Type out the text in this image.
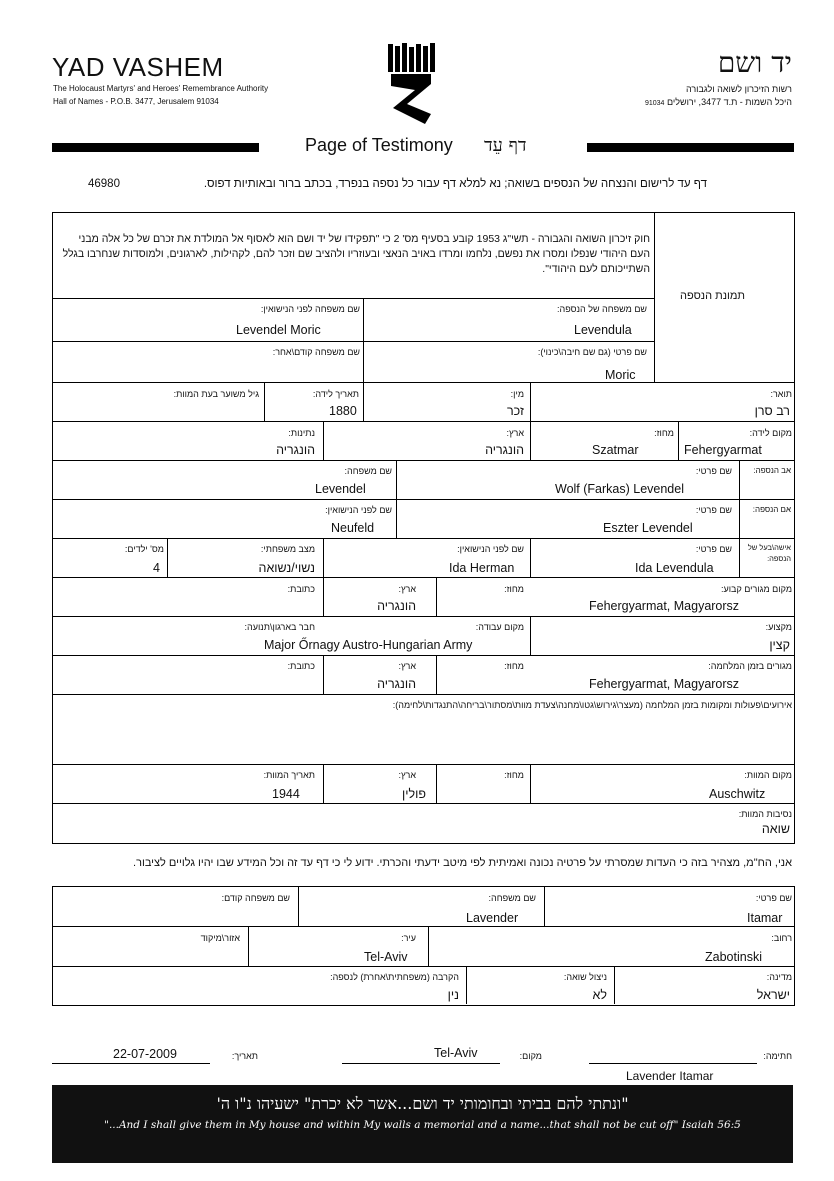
YAD VASHEM
The Holocaust Martyrs' and Heroes' Remembrance Authority
Hall of Names - P.O.B. 3477, Jerusalem 91034
יד ושם
רשות הזיכרון לשואה ולגבורה
היכל השמות - ת.ד 3477, ירושלים 91034
Page of Testimony דף עֵד
דף עד לרישום והנצחה של הנספים בשואה; נא למלא דף עבור כל נספה בנפרד, בכתב ברור ובאותיות דפוס.
46980
תמונת הנספה
חוק זיכרון השואה והגבורה - תשי"ג 1953 קובע בסעיף מס' 2 כי "תפקידו של יד ושם הוא לאסוף אל המולדת את זכרם של כל אלה מבני העם היהודי שנפלו ומסרו את נפשם, נלחמו ומרדו באויב הנאצי ובעוזריו ולהציב שם וזכר להם, לקהילות, לארגונים, ולמוסדות שנחרבו בגלל השתייכותם לעם היהודי".
שם משפחה של הנספה:
Levendula
שם משפחה לפני הנישואין:
Levendel Moric
שם פרטי (גם שם חיבה\כינוי):
Moric
שם משפחה קודם\אחר:
תואר:
רב סרן
מין:
זכר
תאריך לידה:
1880
גיל משוער בעת המוות:
מקום לידה:
Fehergyarmat
מחוז:
Szatmar
ארץ:
הונגריה
נתינות:
הונגריה
אב הנספה:
אם הנספה:
אישה\בעל של הנספה:
שם פרטי:
Wolf (Farkas) Levendel
שם משפחה:
Levendel
שם פרטי:
Eszter Levendel
שם לפני הנישואין:
Neufeld
שם פרטי:
Ida Levendula
שם לפני הנישואין:
Ida Herman
מצב משפחתי:
נשוי/נשואה
מס' ילדים:
4
מקום מגורים קבוע:
Fehergyarmat, Magyarorsz
מחוז:
ארץ:
הונגריה
כתובת:
מקצוע:
קצין
מקום עבודה:
חבר בארגון\תנועה:
Major Őrnagy Austro-Hungarian Army
מגורים בזמן המלחמה:
Fehergyarmat, Magyarorsz
מחוז:
ארץ:
הונגריה
כתובת:
אירועים\פעולות ומקומות בזמן המלחמה (מעצר\גירוש\גטו\מחנה\צעדת מוות\מסתור\בריחה\התנגדות\לחימה):
מקום המוות:
Auschwitz
מחוז:
ארץ:
פולין
תאריך המוות:
1944
נסיבות המוות:
שואה
אני, הח"מ, מצהיר בזה כי העדות שמסרתי על פרטיה נכונה ואמיתית לפי מיטב ידעתי והכרתי. ידוע לי כי דף עד זה וכל המידע שבו יהיו גלויים לציבור.
שם פרטי:
Itamar
שם משפחה:
Lavender
שם משפחה קודם:
רחוב:
Zabotinski
עיר:
Tel-Aviv
אזור\מיקוד
מדינה:
ישראל
ניצול שואה:
לא
הקרבה (משפחתית\אחרת) לנספה:
נין
חתימה:
Lavender Itamar
מקום:
Tel-Aviv
תאריך:
22-07-2009
"ונתתי להם בביתי ובחומותי יד ושם...אשר לא יכרת" ישעיהו נ"ו ה'
"...And I shall give them in My house and within My walls a memorial and a name...that shall not be cut off" Isaiah 56:5
